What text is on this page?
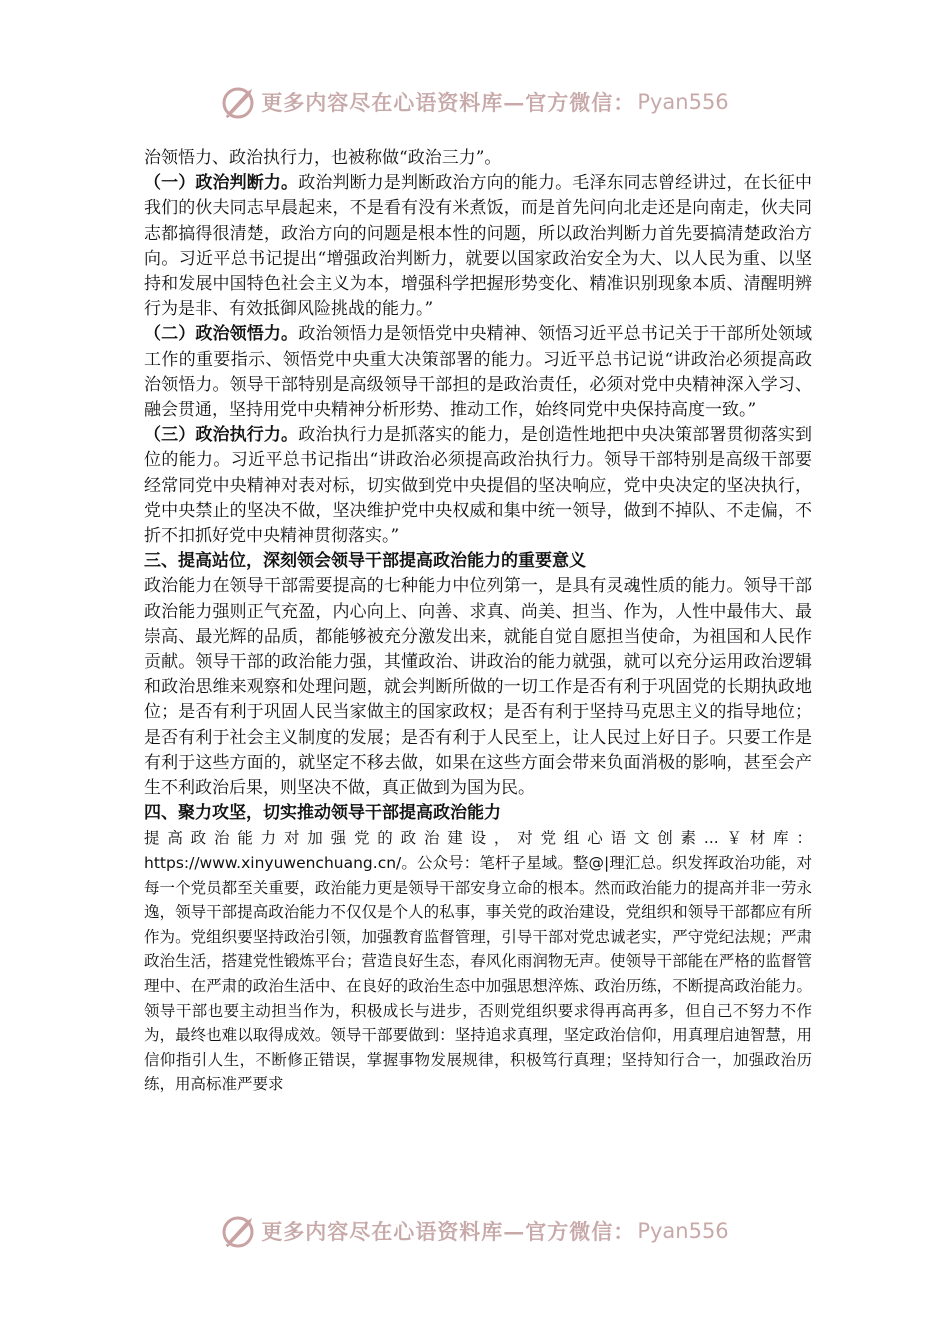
更多内容尽在心语资料库—官方微信： Pyan556

治领悟力、政治执行力，也被称做“政治三力”。

（一）政治判断力。政治判断力是判断政治方向的能力。毛泽东同志曾经讲过，在长征中我们的伙夫同志早晨起来，不是看有没有米煮饭，而是首先问向北走还是向南走，伙夫同志都搞得很清楚，政治方向的问题是根本性的问题，所以政治判断力首先要搞清楚政治方向。习近平总书记提出“增强政治判断力，就要以国家政治安全为大、以人民为重、以坚持和发展中国特色社会主义为本，增强科学把握形势变化、精准识别现象本质、清醒明辨行为是非、有效抵御风险挑战的能力。”

（二）政治领悟力。政治领悟力是领悟党中央精神、领悟习近平总书记关于干部所处领域工作的重要指示、领悟党中央重大决策部署的能力。习近平总书记说“讲政治必须提高政治领悟力。领导干部特别是高级领导干部担的是政治责任，必须对党中央精神深入学习、融会贯通，坚持用党中央精神分析形势、推动工作，始终同党中央保持高度一致。”

（三）政治执行力。政治执行力是抓落实的能力，是创造性地把中央决策部署贯彻落实到位的能力。习近平总书记指出“讲政治必须提高政治执行力。领导干部特别是高级干部要经常同党中央精神对表对标，切实做到党中央提倡的坚决响应，党中央决定的坚决执行，党中央禁止的坚决不做，坚决维护党中央权威和集中统一领导，做到不掉队、不走偏，不折不扣抓好党中央精神贯彻落实。”

三、提高站位，深刻领会领导干部提高政治能力的重要意义

政治能力在领导干部需要提高的七种能力中位列第一，是具有灵魂性质的能力。领导干部政治能力强则正气充盈，内心向上、向善、求真、尚美、担当、作为，人性中最伟大、最崇高、最光辉的品质，都能够被充分激发出来，就能自觉自愿担当使命，为祖国和人民作贡献。领导干部的政治能力强，其懂政治、讲政治的能力就强，就可以充分运用政治逻辑和政治思维来观察和处理问题，就会判断所做的一切工作是否有利于巩固党的长期执政地位；是否有利于巩固人民当家做主的国家政权；是否有利于坚持马克思主义的指导地位；是否有利于社会主义制度的发展；是否有利于人民至上，让人民过上好日子。只要工作是有利于这些方面的，就坚定不移去做，如果在这些方面会带来负面消极的影响，甚至会产生不利政治后果，则坚决不做，真正做到为国为民。

四、聚力攻坚，切实推动领导干部提高政治能力

提高政治能力对加强党的政治建设，对党组心语文创素...￥材库：https://www.xinyuwenchuang.cn/。公众号：笔杆子星域。整@|理汇总。织发挥政治功能，对每一个党员都至关重要，政治能力更是领导干部安身立命的根本。然而政治能力的提高并非一劳永逸，领导干部提高政治能力不仅仅是个人的私事，事关党的政治建设，党组织和领导干部都应有所作为。党组织要坚持政治引领，加强教育监督管理，引导干部对党忠诚老实，严守党纪法规；严肃政治生活，搭建党性锻炼平台；营造良好生态，春风化雨润物无声。使领导干部能在严格的监督管理中、在严肃的政治生活中、在良好的政治生态中加强思想淬炼、政治历练，不断提高政治能力。领导干部也要主动担当作为，积极成长与进步，否则党组织要求得再高再多，但自己不努力不作为，最终也难以取得成效。领导干部要做到：坚持追求真理，坚定政治信仰，用真理启迪智慧，用信仰指引人生，不断修正错误，掌握事物发展规律，积极笃行真理；坚持知行合一，加强政治历练，用高标准严要求

更多内容尽在心语资料库—官方微信： Pyan556
